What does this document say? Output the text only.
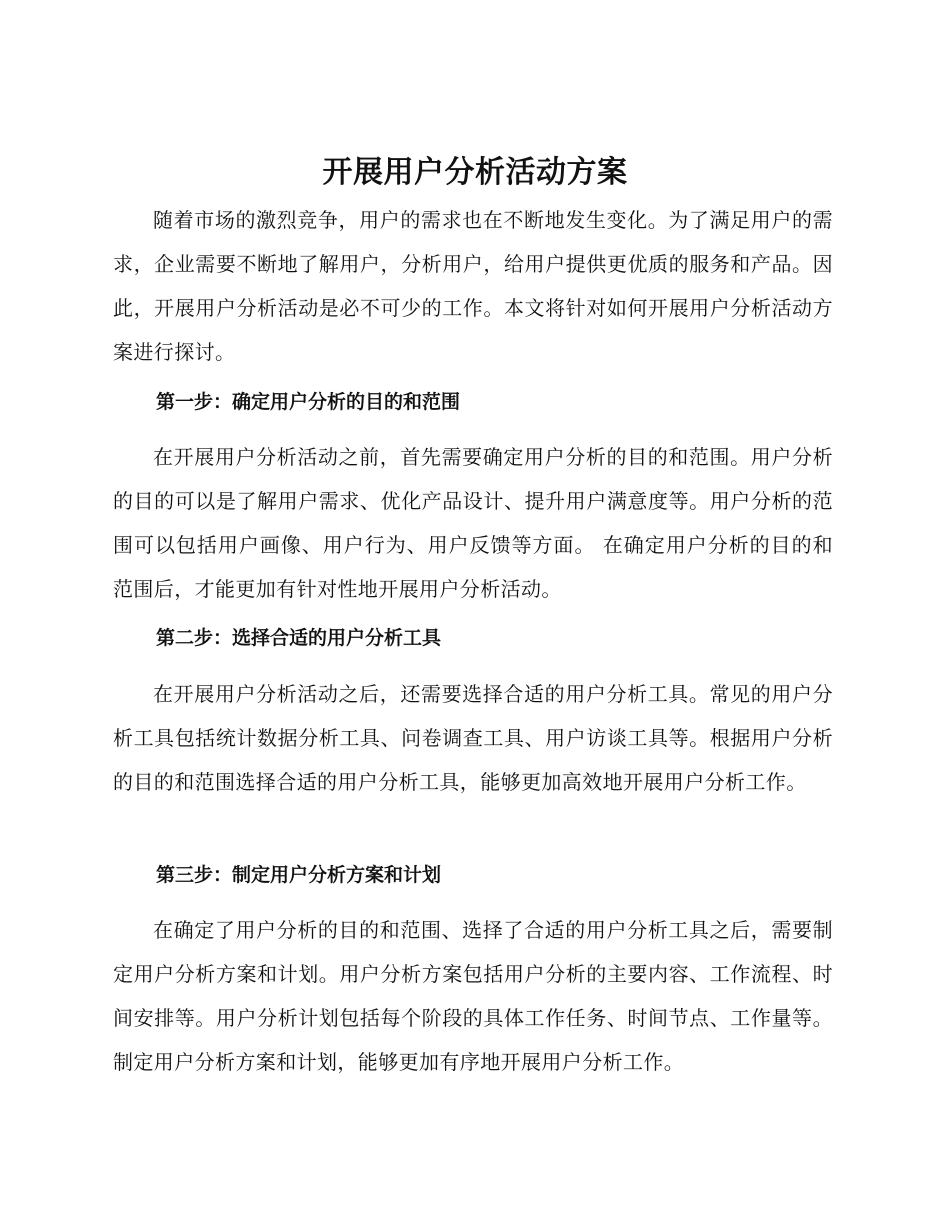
开展用户分析活动方案

随着市场的激烈竞争，用户的需求也在不断地发生变化。为了满足用户的需求，企业需要不断地了解用户，分析用户，给用户提供更优质的服务和产品。因此，开展用户分析活动是必不可少的工作。本文将针对如何开展用户分析活动方案进行探讨。

第一步：确定用户分析的目的和范围

在开展用户分析活动之前，首先需要确定用户分析的目的和范围。用户分析的目的可以是了解用户需求、优化产品设计、提升用户满意度等。用户分析的范围可以包括用户画像、用户行为、用户反馈等方面。 在确定用户分析的目的和范围后，才能更加有针对性地开展用户分析活动。

第二步：选择合适的用户分析工具

在开展用户分析活动之后，还需要选择合适的用户分析工具。常见的用户分析工具包括统计数据分析工具、问卷调查工具、用户访谈工具等。根据用户分析的目的和范围选择合适的用户分析工具，能够更加高效地开展用户分析工作。

第三步：制定用户分析方案和计划

在确定了用户分析的目的和范围、选择了合适的用户分析工具之后，需要制定用户分析方案和计划。用户分析方案包括用户分析的主要内容、工作流程、时间安排等。用户分析计划包括每个阶段的具体工作任务、时间节点、工作量等。制定用户分析方案和计划，能够更加有序地开展用户分析工作。
